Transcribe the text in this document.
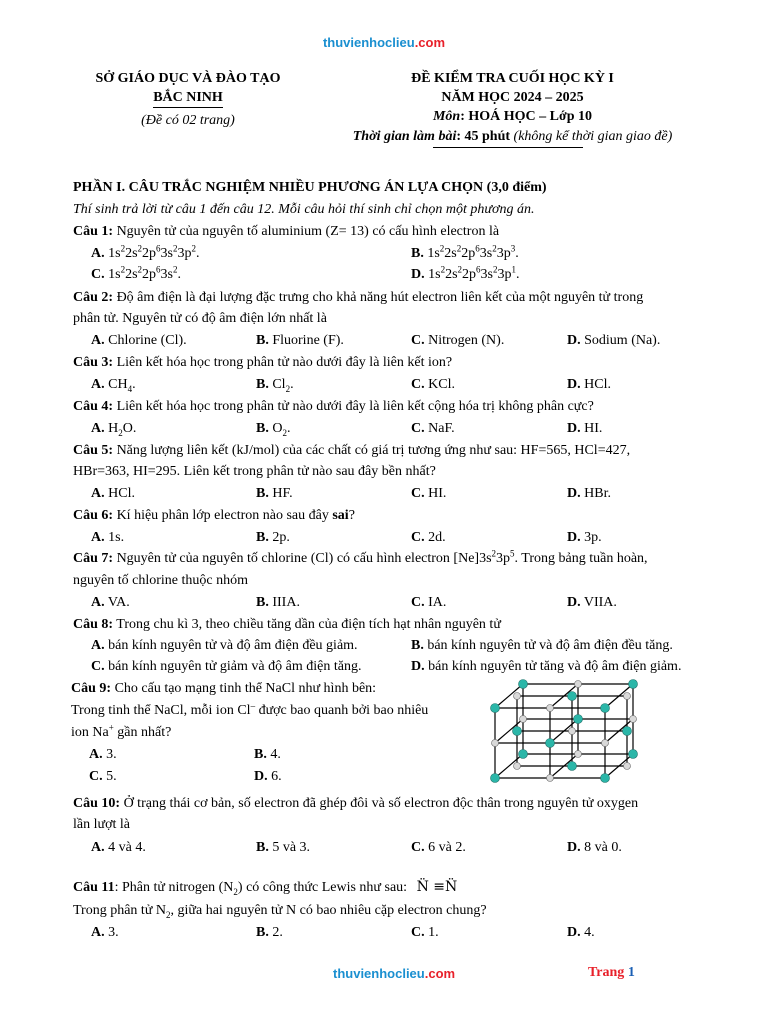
thuvienhoclieu.com
SỞ GIÁO DỤC VÀ ĐÀO TẠO
BẮC NINH
(Đề có 02 trang)
ĐỀ KIỂM TRA CUỐI HỌC KỲ I
NĂM HỌC 2024 – 2025
Môn: HOÁ HỌC – Lớp 10
Thời gian làm bài: 45 phút (không kể thời gian giao đề)
PHẦN I. CÂU TRẮC NGHIỆM NHIỀU PHƯƠNG ÁN LỰA CHỌN (3,0 điểm)
Thí sinh trả lời từ câu 1 đến câu 12. Mỗi câu hỏi thí sinh chỉ chọn một phương án.
Câu 1: Nguyên tử của nguyên tố aluminium (Z= 13) có cấu hình electron là
A. $1s^22s^22p^63s^23p^2$.	B. $1s^22s^22p^63s^23p^3$.
C. $1s^22s^22p^63s^2$.	D. $1s^22s^22p^63s^23p^1$.
Câu 2: Độ âm điện là đại lượng đặc trưng cho khả năng hút electron liên kết của một nguyên tử trong
phân tử. Nguyên tử có độ âm điện lớn nhất là
A. Chlorine (Cl).	B. Fluorine (F).	C. Nitrogen (N).	D. Sodium (Na).
Câu 3: Liên kết hóa học trong phân tử nào dưới đây là liên kết ion?
A. $CH_4$.	B. $Cl_2$.	C. KCl.	D. HCl.
Câu 4: Liên kết hóa học trong phân tử nào dưới đây là liên kết cộng hóa trị không phân cực?
A. $H_2O$.	B. $O_2$.	C. NaF.	D. HI.
Câu 5: Năng lượng liên kết (kJ/mol) của các chất có giá trị tương ứng như sau: HF=565, HCl=427,
HBr=363, HI=295. Liên kết trong phân tử nào sau đây bền nhất?
A. HCl.	B. HF.	C. HI.	D. HBr.
Câu 6: Kí hiệu phân lớp electron nào sau đây sai?
A. 1s.	B. 2p.	C. 2d.	D. 3p.
Câu 7: Nguyên tử của nguyên tố chlorine (Cl) có cấu hình electron $[Ne]3s^23p^5$. Trong bảng tuần hoàn,
nguyên tố chlorine thuộc nhóm
A. VA.	B. IIIA.	C. IA.	D. VIIA.
Câu 8: Trong chu kì 3, theo chiều tăng dần của điện tích hạt nhân nguyên tử
A. bán kính nguyên tử và độ âm điện đều giảm.	B. bán kính nguyên tử và độ âm điện đều tăng.
C. bán kính nguyên tử giảm và độ âm điện tăng.	D. bán kính nguyên tử tăng và độ âm điện giảm.
Câu 9: Cho cấu tạo mạng tinh thể NaCl như hình bên:
Trong tinh thể NaCl, mỗi ion Cl– được bao quanh bởi bao nhiêu
ion Na+ gần nhất?
A. 3.	B. 4.
C. 5.	D. 6.
Câu 10: Ở trạng thái cơ bản, số electron đã ghép đôi và số electron độc thân trong nguyên tử oxygen
lần lượt là
A. 4 và 4.	B. 5 và 3.	C. 6 và 2.	D. 8 và 0.
Câu 11: Phân tử nitrogen $(N_2)$ có công thức Lewis như sau: N̈ ≡N̈
Trong phân tử $N_2$, giữa hai nguyên tử N có bao nhiêu cặp electron chung?
A. 3.	B. 2.	C. 1.	D. 4.
thuvienhoclieu.com	Trang 1
